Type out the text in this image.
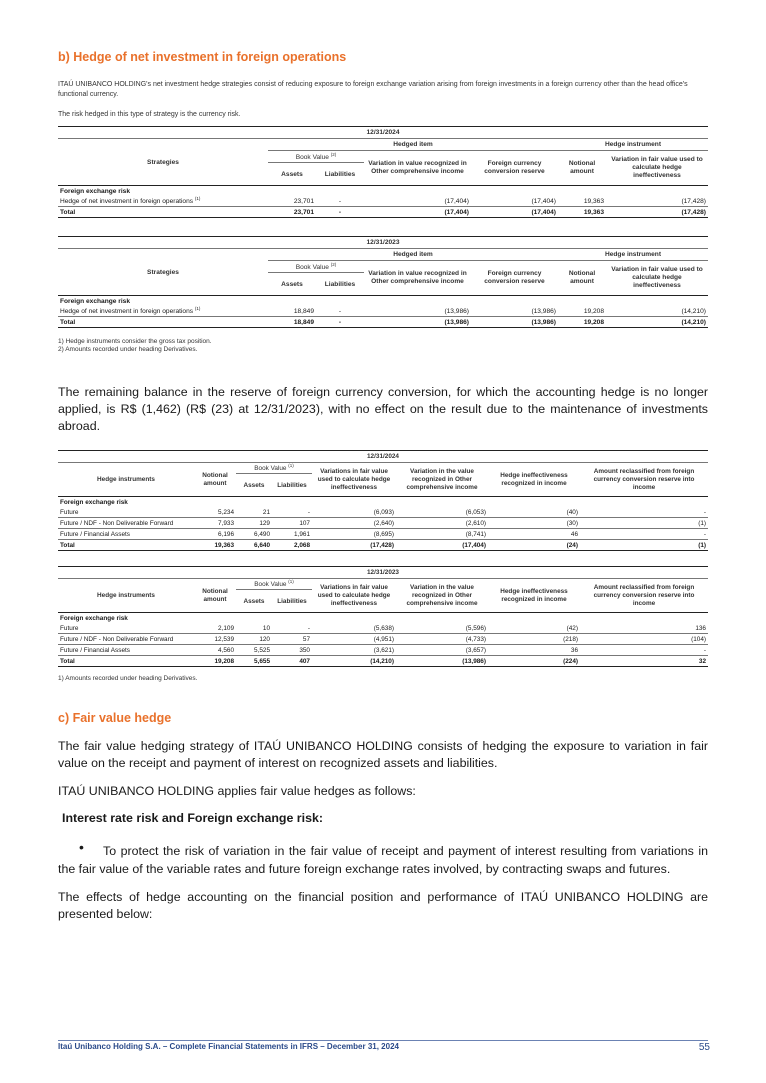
b) Hedge of net investment in foreign operations
ITAÚ UNIBANCO HOLDING's net investment hedge strategies consist of reducing exposure to foreign exchange variation arising from foreign investments in a foreign currency other than the head office's functional currency.
The risk hedged in this type of strategy is the currency risk.
12/31/2024						
Strategies	Hedged item				Hedge instrument	
	Book Value $^{(2)}$		Variation in value recognized in Other comprehensive income	Foreign currency conversion reserve	Notional amount	Variation in fair value used to calculate hedge ineffectiveness
	Assets	Liabilities				
Foreign exchange risk						
Hedge of net investment in foreign operations $^{(1)}$	23,701	-	(17,404)	(17,404)	19,363	(17,428)
Total	23,701	-	(17,404)	(17,404)	19,363	(17,428)
12/31/2023						
Strategies	Hedged item				Hedge instrument	
	Book Value $^{(2)}$		Variation in value recognized in Other comprehensive income	Foreign currency conversion reserve	Notional amount	Variation in fair value used to calculate hedge ineffectiveness
	Assets	Liabilities				
Foreign exchange risk						
Hedge of net investment in foreign operations $^{(1)}$	18,849	-	(13,986)	(13,986)	19,208	(14,210)
Total	18,849	-	(13,986)	(13,986)	19,208	(14,210)
1) Hedge instruments consider the gross tax position.
2) Amounts recorded under heading Derivatives.
The remaining balance in the reserve of foreign currency conversion, for which the accounting hedge is no longer applied, is R$ (1,462) (R$ (23) at 12/31/2023), with no effect on the result due to the maintenance of investments abroad.
12/31/2024							
Hedge instruments	Notional amount	Book Value $^{(1)}$		Variations in fair value used to calculate hedge ineffectiveness	Variation in the value recognized in Other comprehensive income	Hedge ineffectiveness recognized in income	Amount reclassified from foreign currency conversion reserve into income
		Assets	Liabilities				
Foreign exchange risk							
Future	5,234	21	-	(6,093)	(6,053)	(40)	-
Future / NDF - Non Deliverable Forward	7,933	129	107	(2,640)	(2,610)	(30)	(1)
Future / Financial Assets	6,196	6,490	1,961	(8,695)	(8,741)	46	-
Total	19,363	6,640	2,068	(17,428)	(17,404)	(24)	(1)
12/31/2023							
Hedge instruments	Notional amount	Book Value $^{(1)}$		Variations in fair value used to calculate hedge ineffectiveness	Variation in the value recognized in Other comprehensive income	Hedge ineffectiveness recognized in income	Amount reclassified from foreign currency conversion reserve into income
		Assets	Liabilities				
Foreign exchange risk							
Future	2,109	10	-	(5,638)	(5,596)	(42)	136
Future / NDF - Non Deliverable Forward	12,539	120	57	(4,951)	(4,733)	(218)	(104)
Future / Financial Assets	4,560	5,525	350	(3,621)	(3,657)	36	-
Total	19,208	5,655	407	(14,210)	(13,986)	(224)	32
1) Amounts recorded under heading Derivatives.
c) Fair value hedge
The fair value hedging strategy of ITAÚ UNIBANCO HOLDING consists of hedging the exposure to variation in fair value on the receipt and payment of interest on recognized assets and liabilities.
ITAÚ UNIBANCO HOLDING applies fair value hedges as follows:
Interest rate risk and Foreign exchange risk:
•	To protect the risk of variation in the fair value of receipt and payment of interest resulting from variations in the fair value of the variable rates and future foreign exchange rates involved, by contracting swaps and futures.
The effects of hedge accounting on the financial position and performance of ITAÚ UNIBANCO HOLDING are presented below:
Itaú Unibanco Holding S.A. – Complete Financial Statements in IFRS – December 31, 2024	55
